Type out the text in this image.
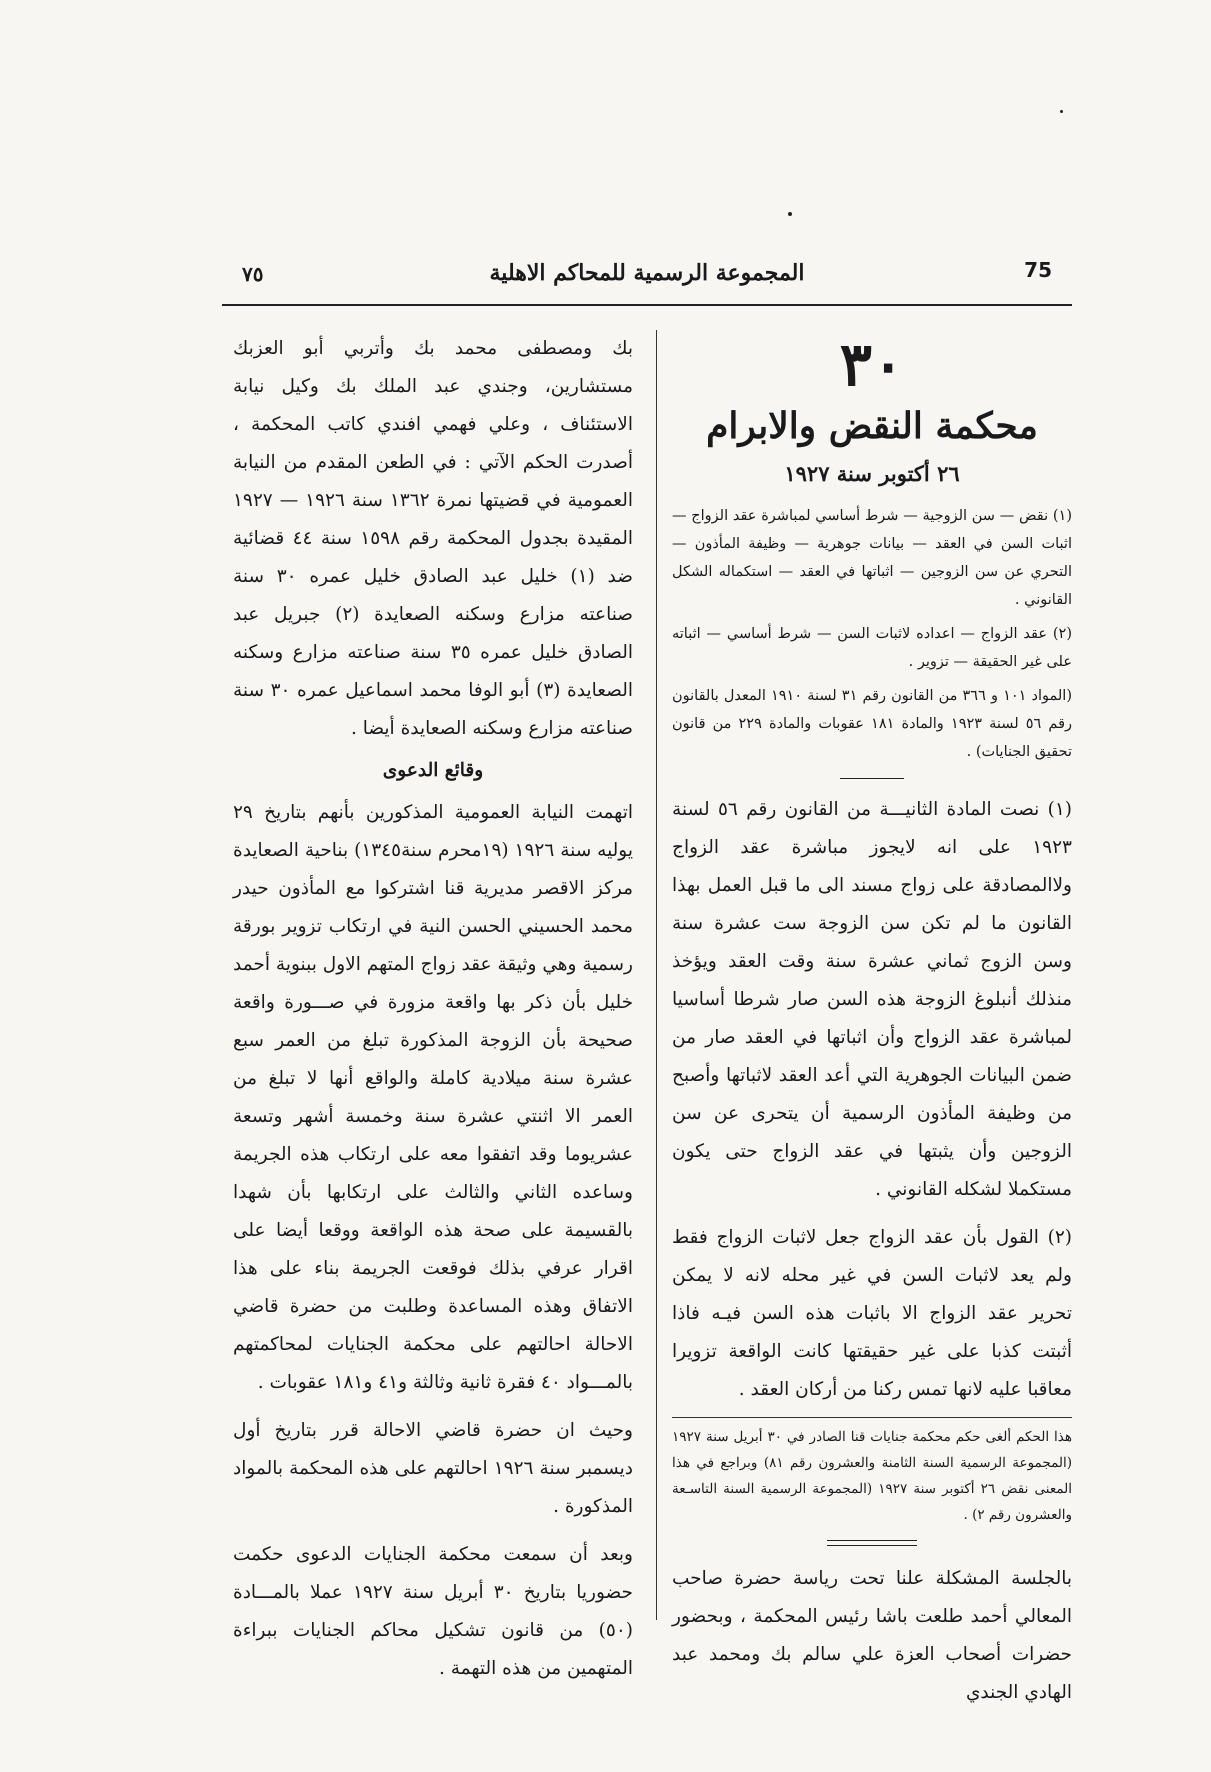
٧٥	المجموعة الرسمية للمحاكم الاهلية	75
٣٠
محكمة النقض والابرام
٢٦ أكتوبر سنة ١٩٢٧

(١) نقض — سن الزوجية — شرط أساسي لمباشرة عقد الزواج — اثبات السن في العقد — بيانات جوهرية — وظيفة المأذون — التحري عن سن الزوجين — اثباتها في العقد — استكماله الشكل القانوني .

(٢) عقد الزواج — اعداده لاثبات السن — شرط أساسي — اثباته على غير الحقيقة — تزوير .

(المواد ١٠١ و ٣٦٦ من القانون رقم ٣١ لسنة ١٩١٠ المعدل بالقانون رقم ٥٦ لسنة ١٩٢٣ والمادة ١٨١ عقوبات والمادة ٢٢٩ من قانون تحقيق الجنايات) .

(١) نصت المادة الثانيـــة من القانون رقم ٥٦ لسنة ١٩٢٣ على انه لايجوز مباشرة عقد الزواج ولاالمصادقة على زواج مسند الى ما قبل العمل بهذا القانون ما لم تكن سن الزوجة ست عشرة سنة وسن الزوج ثماني عشرة سنة وقت العقد ويؤخذ منذلك أنبلوغ الزوجة هذه السن صار شرطا أساسيا لمباشرة عقد الزواج وأن اثباتها في العقد صار من ضمن البيانات الجوهرية التي أعد العقد لاثباتها وأصبح من وظيفة المأذون الرسمية أن يتحرى عن سن الزوجين وأن يثبتها في عقد الزواج حتى يكون مستكملا لشكله القانوني .

(٢) القول بأن عقد الزواج جعل لاثبات الزواج فقط ولم يعد لاثبات السن في غير محله لانه لا يمكن تحرير عقد الزواج الا باثبات هذه السن فيـه فاذا أثبتت كذبا على غير حقيقتها كانت الواقعة تزويرا معاقبا عليه لانها تمس ركنا من أركان العقد .

هذا الحكم ألغى حكم محكمة جنايات قنا الصادر في ٣٠ أبريل سنة ١٩٢٧ (المجموعة الرسمية السنة الثامنة والعشرون رقم ٨١) وبراجع في هذا المعنى نقض ٢٦ أكتوبر سنة ١٩٢٧ (المجموعة الرسمية السنة التاسـعة والعشرون رقم ٢) .

بالجلسة المشكلة علنا تحت رياسة حضرة صاحب المعالي أحمد طلعت باشا رئيس المحكمة ، وبحضور حضرات أصحاب العزة علي سالم بك ومحمد عبد الهادي الجندي

بك ومصطفى محمد بك وأتربي أبو العزبك مستشارين، وجندي عبد الملك بك وكيل نيابة الاستئناف ، وعلي فهمي افندي كاتب المحكمة ، أصدرت الحكم الآتي : في الطعن المقدم من النيابة العمومية في قضيتها نمرة ١٣٦٢ سنة ١٩٢٦ — ١٩٢٧ المقيدة بجدول المحكمة رقم ١٥٩٨ سنة ٤٤ قضائية ضد (١) خليل عبد الصادق خليل عمره ٣٠ سنة صناعته مزارع وسكنه الصعايدة (٢) جبريل عبد الصادق خليل عمره ٣٥ سنة صناعته مزارع وسكنه الصعايدة (٣) أبو الوفا محمد اسماعيل عمره ٣٠ سنة صناعته مزارع وسكنه الصعايدة أيضا .

وقائع الدعوى

اتهمت النيابة العمومية المذكورين بأنهم بتاريخ ٢٩ يوليه سنة ١٩٢٦ (١٩محرم سنة١٣٤٥) بناحية الصعايدة مركز الاقصر مديرية قنا اشتركوا مع المأذون حيدر محمد الحسيني الحسن النية في ارتكاب تزوير بورقة رسمية وهي وثيقة عقد زواج المتهم الاول ببنوية أحمد خليل بأن ذكر بها واقعة مزورة في صـــورة واقعة صحيحة بأن الزوجة المذكورة تبلغ من العمر سبع عشرة سنة ميلادية كاملة والواقع أنها لا تبلغ من العمر الا اثنتي عشرة سنة وخمسة أشهر وتسعة عشريوما وقد اتفقوا معه على ارتكاب هذه الجريمة وساعده الثاني والثالث على ارتكابها بأن شهدا بالقسيمة على صحة هذه الواقعة ووقعا أيضا على اقرار عرفي بذلك فوقعت الجريمة بناء على هذا الاتفاق وهذه المساعدة وطلبت من حضرة قاضي الاحالة احالتهم على محكمة الجنايات لمحاكمتهم بالمـــواد ٤٠ فقرة ثانية وثالثة و٤١ و١٨١ عقوبات .

وحيث ان حضرة قاضي الاحالة قرر بتاريخ أول ديسمبر سنة ١٩٢٦ احالتهم على هذه المحكمة بالمواد المذكورة .

وبعد أن سمعت محكمة الجنايات الدعوى حكمت حضوريا بتاريخ ٣٠ أبريل سنة ١٩٢٧ عملا بالمـــادة (٥٠) من قانون تشكيل محاكم الجنايات ببراءة المتهمين من هذه التهمة .
